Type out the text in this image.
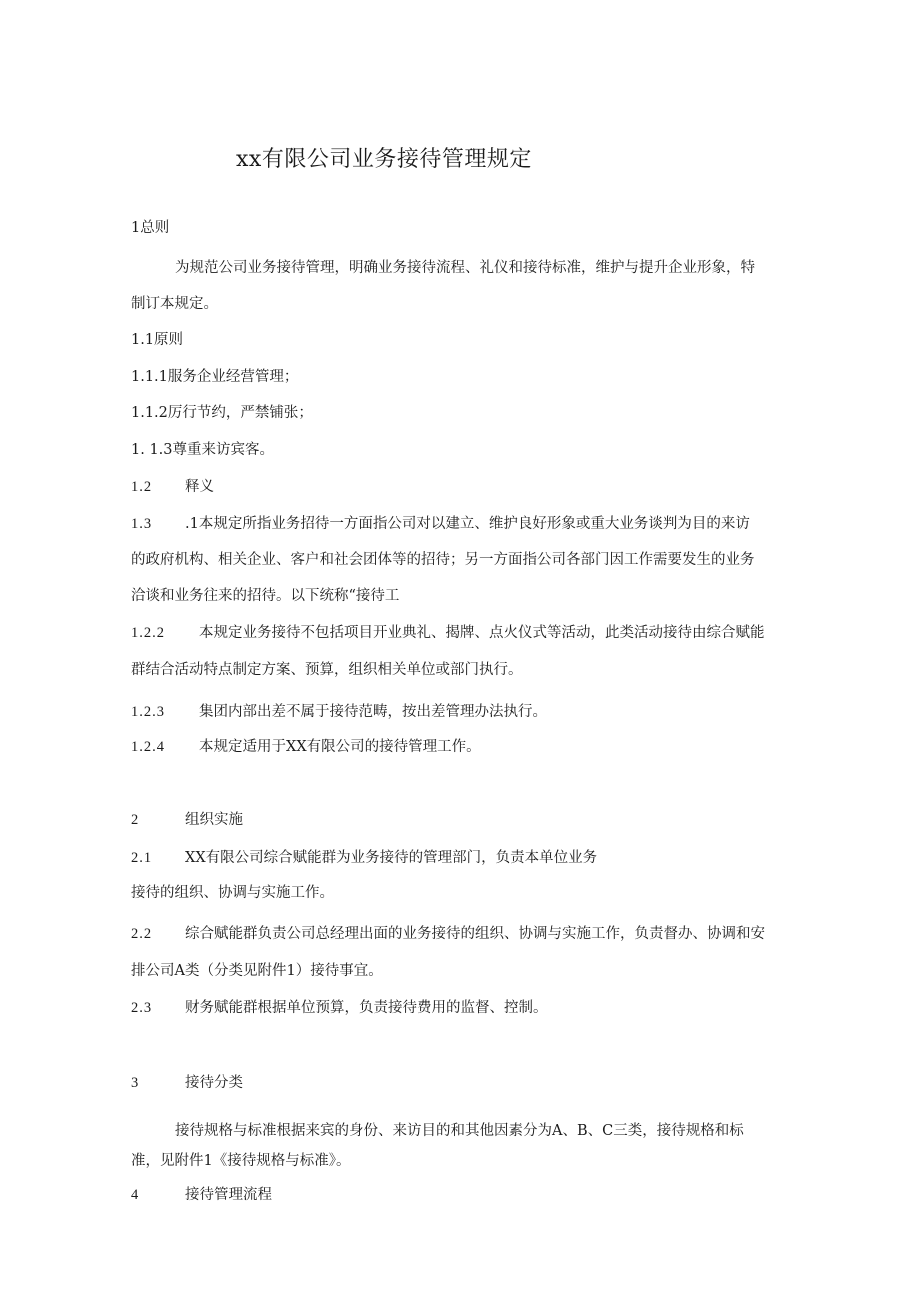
xx有限公司业务接待管理规定
1总则
为规范公司业务接待管理，明确业务接待流程、礼仪和接待标准，维护与提升企业形象，特
制订本规定。
1.1原则
1.1.1服务企业经营管理；
1.1.2厉行节约，严禁铺张；
1. 1.3尊重来访宾客。
1.2 释义
1.3 .1本规定所指业务招待一方面指公司对以建立、维护良好形象或重大业务谈判为目的来访
的政府机构、相关企业、客户和社会团体等的招待；另一方面指公司各部门因工作需要发生的业务
洽谈和业务往来的招待。以下统称“接待工
1.2.2 本规定业务接待不包括项目开业典礼、揭牌、点火仪式等活动，此类活动接待由综合赋能
群结合活动特点制定方案、预算，组织相关单位或部门执行。
1.2.3 集团内部出差不属于接待范畴，按出差管理办法执行。
1.2.4 本规定适用于XX有限公司的接待管理工作。
2	组织实施
2.1 XX有限公司综合赋能群为业务接待的管理部门，负责本单位业务
接待的组织、协调与实施工作。
2.2 综合赋能群负责公司总经理出面的业务接待的组织、协调与实施工作，负责督办、协调和安
排公司A类（分类见附件1）接待事宜。
2.3 财务赋能群根据单位预算，负责接待费用的监督、控制。
3	接待分类
接待规格与标准根据来宾的身份、来访目的和其他因素分为A、B、C三类，接待规格和标
准，见附件1《接待规格与标准》。
4	接待管理流程
